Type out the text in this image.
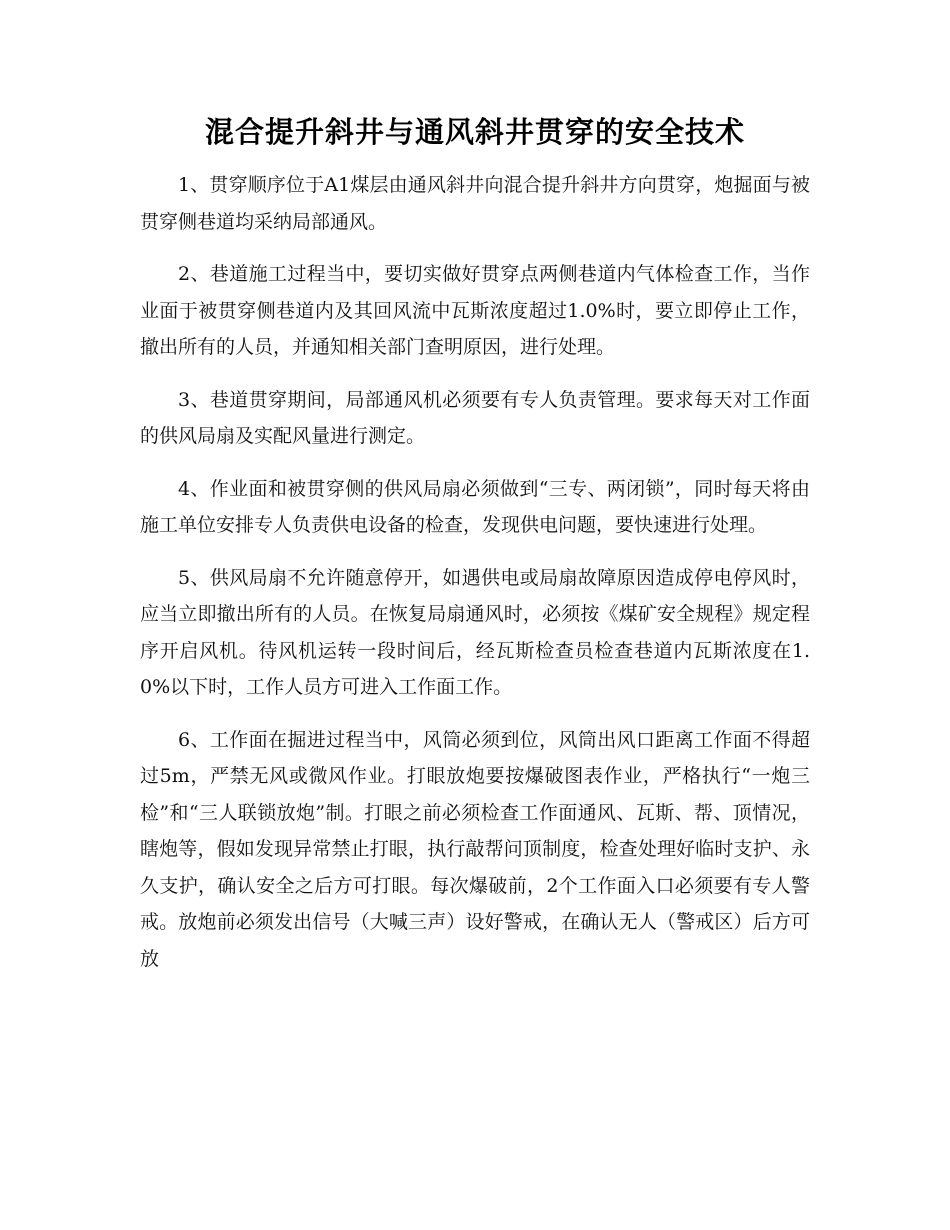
混合提升斜井与通风斜井贯穿的安全技术

1、贯穿顺序位于A1煤层由通风斜井向混合提升斜井方向贯穿，炮掘面与被贯穿侧巷道均采纳局部通风。

2、巷道施工过程当中，要切实做好贯穿点两侧巷道内气体检查工作，当作业面于被贯穿侧巷道内及其回风流中瓦斯浓度超过1.0%时，要立即停止工作，撤出所有的人员，并通知相关部门查明原因，进行处理。

3、巷道贯穿期间，局部通风机必须要有专人负责管理。要求每天对工作面的供风局扇及实配风量进行测定。

4、作业面和被贯穿侧的供风局扇必须做到“三专、两闭锁”，同时每天将由施工单位安排专人负责供电设备的检查，发现供电问题，要快速进行处理。

5、供风局扇不允许随意停开，如遇供电或局扇故障原因造成停电停风时，应当立即撤出所有的人员。在恢复局扇通风时，必须按《煤矿安全规程》规定程序开启风机。待风机运转一段时间后，经瓦斯检查员检查巷道内瓦斯浓度在1.0%以下时，工作人员方可进入工作面工作。

6、工作面在掘进过程当中，风筒必须到位，风筒出风口距离工作面不得超过5m，严禁无风或微风作业。打眼放炮要按爆破图表作业，严格执行“一炮三检”和“三人联锁放炮”制。打眼之前必须检查工作面通风、瓦斯、帮、顶情况，瞎炮等，假如发现异常禁止打眼，执行敲帮问顶制度，检查处理好临时支护、永久支护，确认安全之后方可打眼。每次爆破前，2个工作面入口必须要有专人警戒。放炮前必须发出信号（大喊三声）设好警戒，在确认无人（警戒区）后方可放
